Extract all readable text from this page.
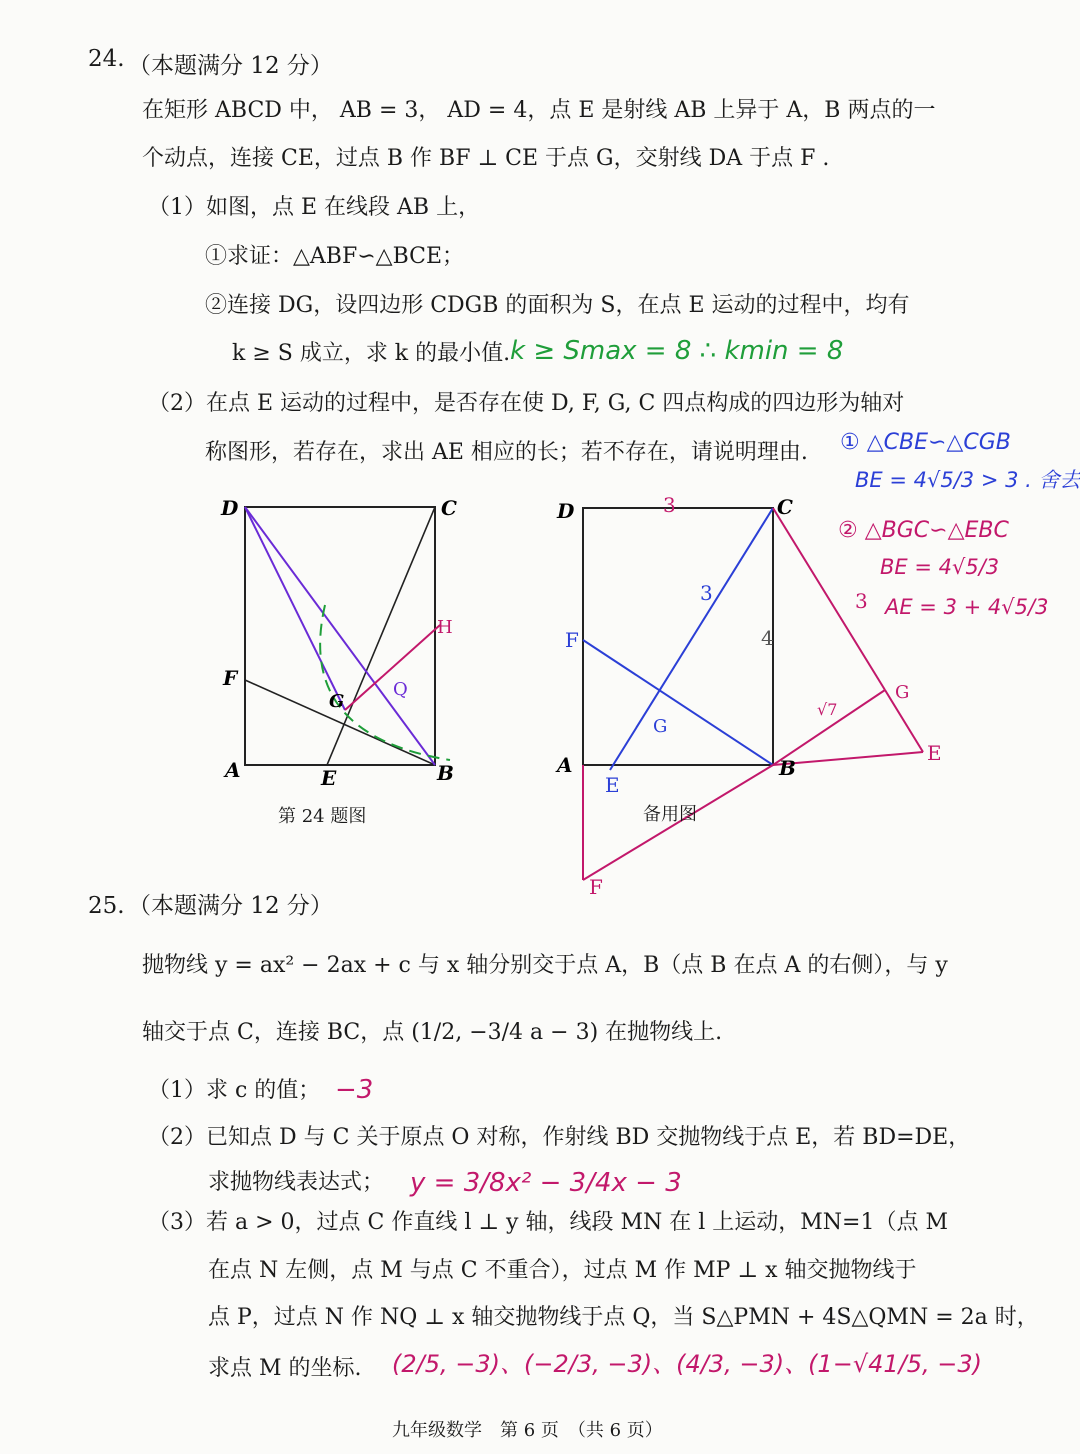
24. （本题满分 12 分）
在矩形 ABCD 中， AB = 3， AD = 4，点 E 是射线 AB 上异于 A，B 两点的一
个动点，连接 CE，过点 B 作 BF ⊥ CE 于点 G，交射线 DA 于点 F .
（1）如图，点 E 在线段 AB 上，
①求证：△ABF∽△BCE；
②连接 DG，设四边形 CDGB 的面积为 S，在点 E 运动的过程中，均有
k ≥ S 成立，求 k 的最小值. k ≥ Smax = 8 ∴ kmin = 8
（2）在点 E 运动的过程中，是否存在使 D, F, G, C 四点构成的四边形为轴对
称图形，若存在，求出 AE 相应的长；若不存在，请说明理由. ① △CBE∽△CGB
BE = 4√5/3 > 3 . 舍去
② △BGC∽△EBC
BE = 4√5/3
AE = 3 + 4√5/3
D	C
F
A	E	B
G
H
Q
第 24 题图
D	C
F
A
E
B
G
E
G
F
3
3
4
3
√7
备用图
25. （本题满分 12 分）
抛物线 y = ax² − 2ax + c 与 x 轴分别交于点 A，B（点 B 在点 A 的右侧），与 y
轴交于点 C，连接 BC，点 (1/2, −3/4 a − 3) 在抛物线上.
（1）求 c 的值； −3
（2）已知点 D 与 C 关于原点 O 对称，作射线 BD 交抛物线于点 E，若 BD=DE，
求抛物线表达式； y = 3/8x² − 3/4x − 3
（3）若 a > 0，过点 C 作直线 l ⊥ y 轴，线段 MN 在 l 上运动，MN=1（点 M
在点 N 左侧，点 M 与点 C 不重合），过点 M 作 MP ⊥ x 轴交抛物线于
点 P，过点 N 作 NQ ⊥ x 轴交抛物线于点 Q，当 S△PMN + 4S△QMN = 2a 时，
求点 M 的坐标. (2/5, −3)、(−2/3, −3)、(4/3, −3)、(1−√41/5, −3)
九年级数学　第 6 页　（共 6 页）
